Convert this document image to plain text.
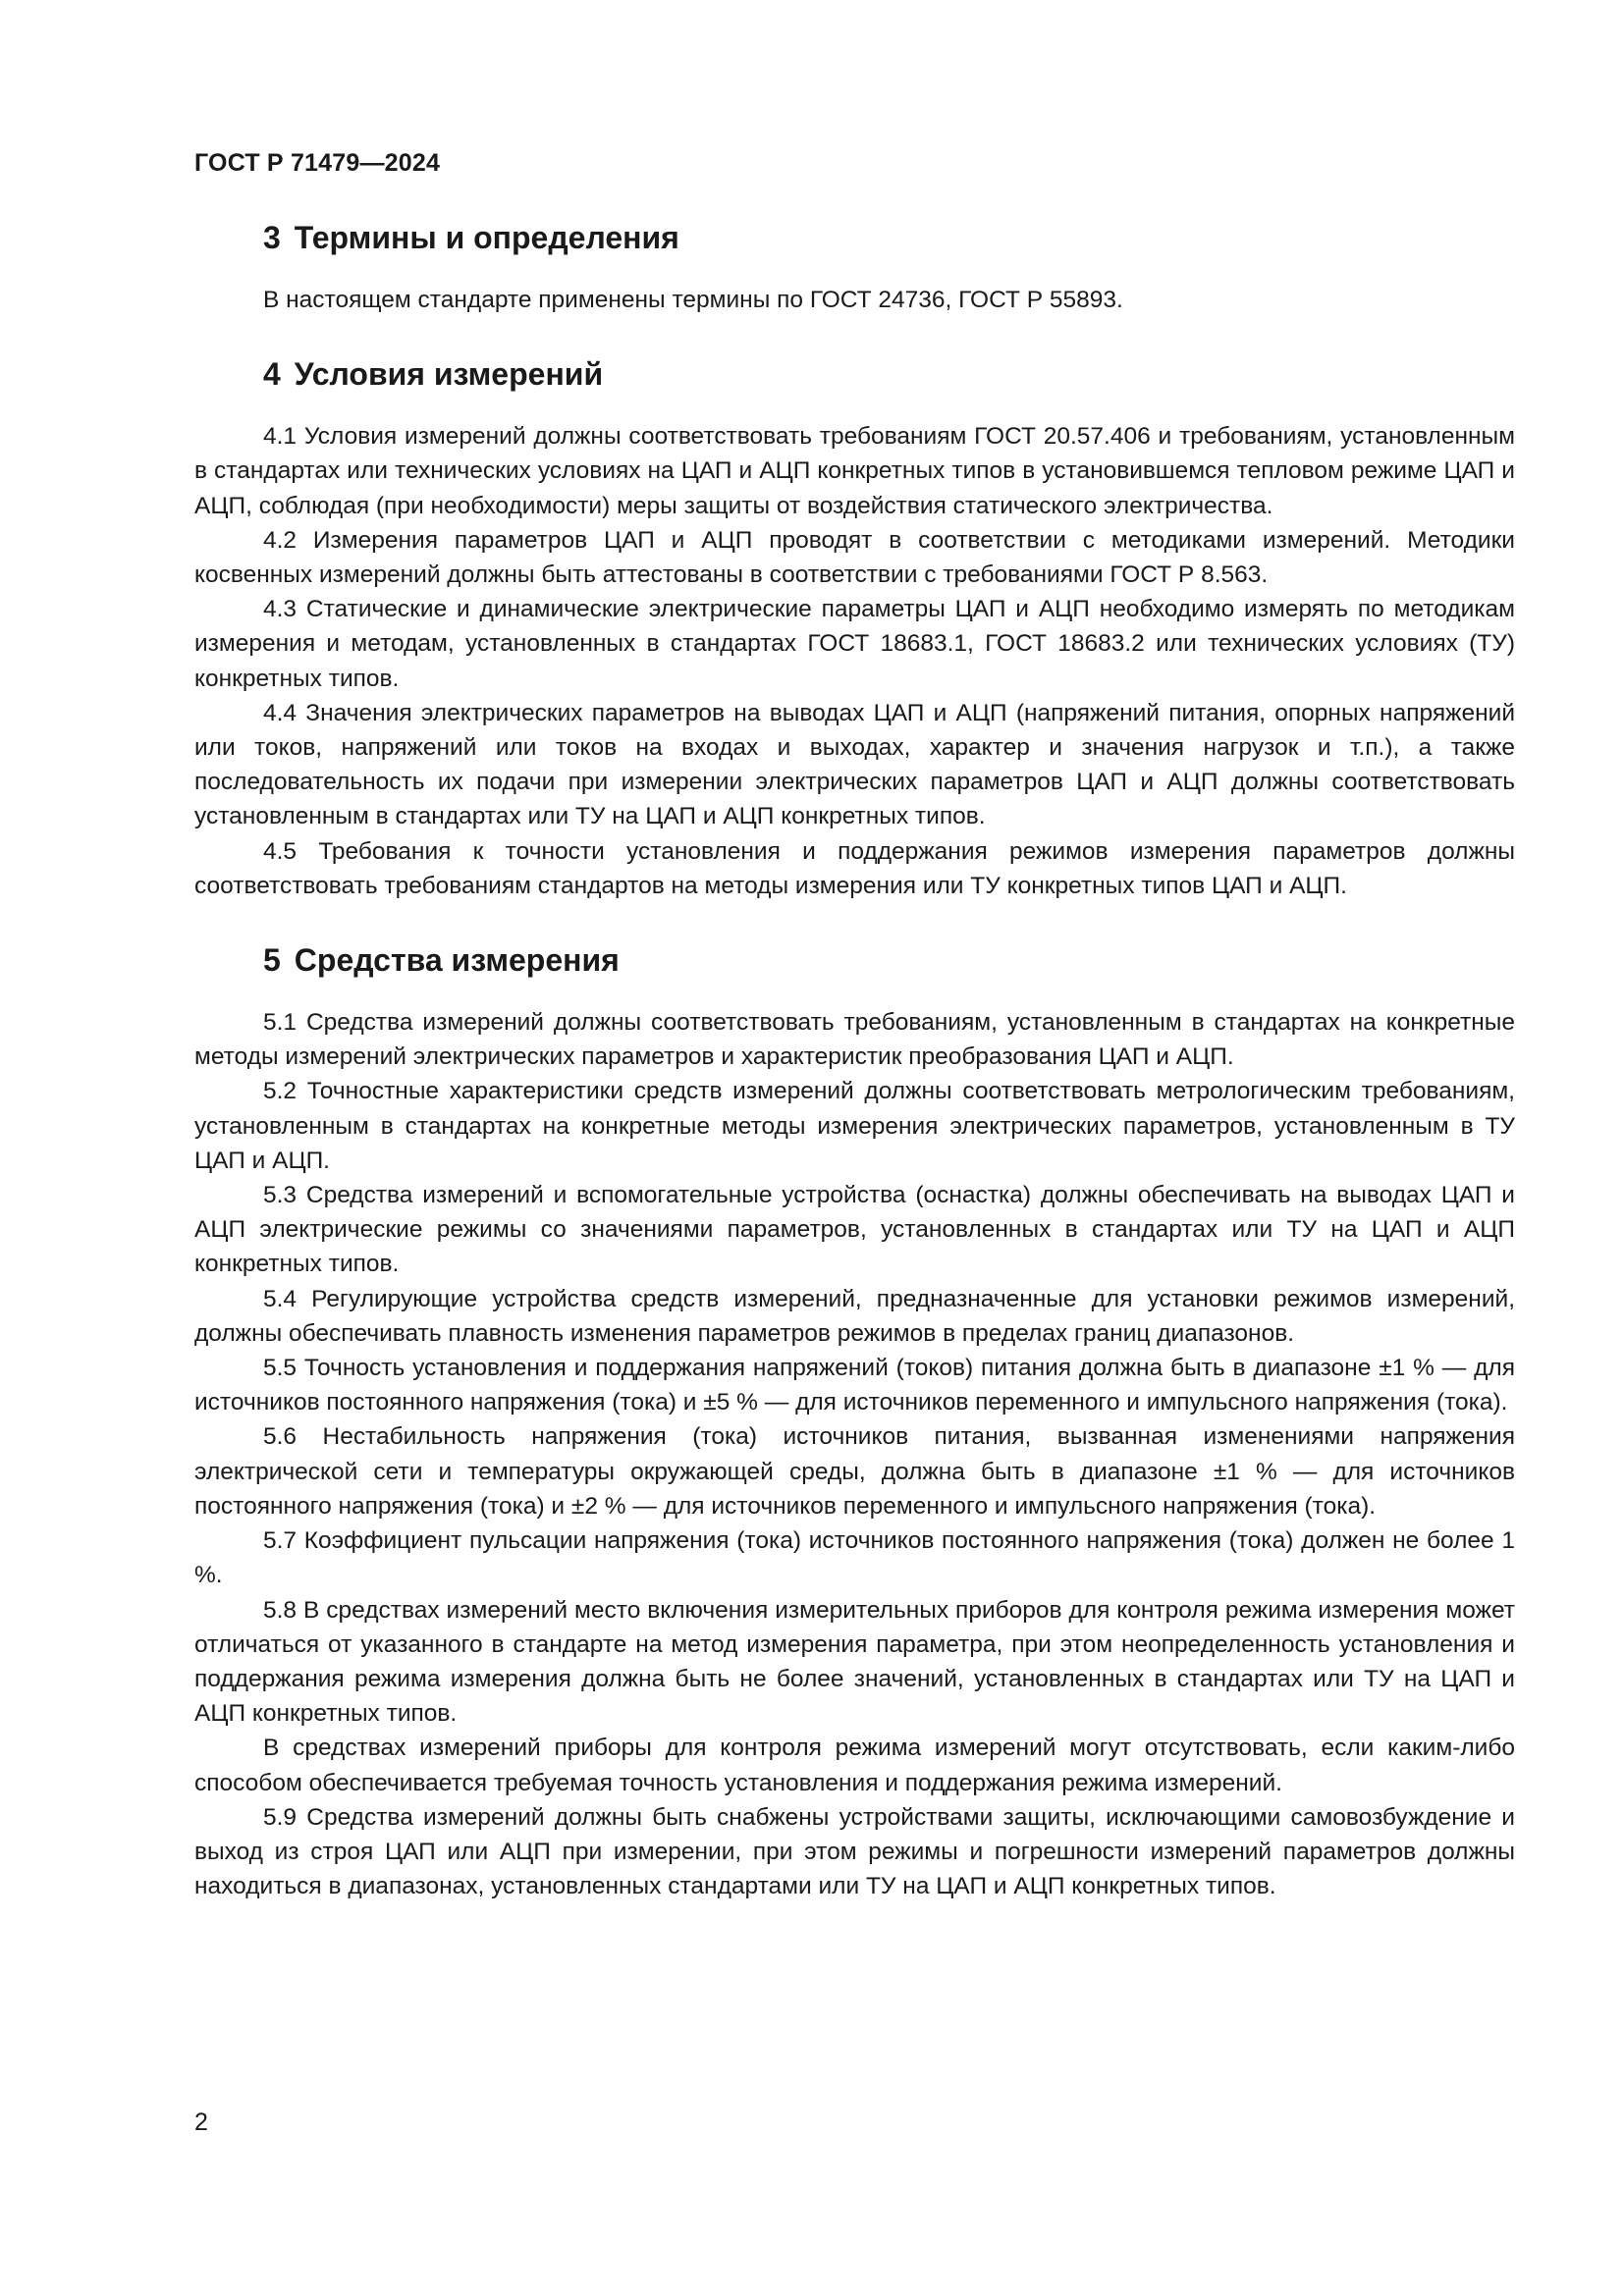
ГОСТ Р 71479—2024
3 Термины и определения

В настоящем стандарте применены термины по ГОСТ 24736, ГОСТ Р 55893.

4 Условия измерений

4.1 Условия измерений должны соответствовать требованиям ГОСТ 20.57.406 и требованиям, установленным в стандартах или технических условиях на ЦАП и АЦП конкретных типов в установившемся тепловом режиме ЦАП и АЦП, соблюдая (при необходимости) меры защиты от воздействия статического электричества.

4.2 Измерения параметров ЦАП и АЦП проводят в соответствии с методиками измерений. Методики косвенных измерений должны быть аттестованы в соответствии с требованиями ГОСТ Р 8.563.

4.3 Статические и динамические электрические параметры ЦАП и АЦП необходимо измерять по методикам измерения и методам, установленных в стандартах ГОСТ 18683.1, ГОСТ 18683.2 или технических условиях (ТУ) конкретных типов.

4.4 Значения электрических параметров на выводах ЦАП и АЦП (напряжений питания, опорных напряжений или токов, напряжений или токов на входах и выходах, характер и значения нагрузок и т.п.), а также последовательность их подачи при измерении электрических параметров ЦАП и АЦП должны соответствовать установленным в стандартах или ТУ на ЦАП и АЦП конкретных типов.

4.5 Требования к точности установления и поддержания режимов измерения параметров должны соответствовать требованиям стандартов на методы измерения или ТУ конкретных типов ЦАП и АЦП.

5 Средства измерения

5.1 Средства измерений должны соответствовать требованиям, установленным в стандартах на конкретные методы измерений электрических параметров и характеристик преобразования ЦАП и АЦП.

5.2 Точностные характеристики средств измерений должны соответствовать метрологическим требованиям, установленным в стандартах на конкретные методы измерения электрических параметров, установленным в ТУ ЦАП и АЦП.

5.3 Средства измерений и вспомогательные устройства (оснастка) должны обеспечивать на выводах ЦАП и АЦП электрические режимы со значениями параметров, установленных в стандартах или ТУ на ЦАП и АЦП конкретных типов.

5.4 Регулирующие устройства средств измерений, предназначенные для установки режимов измерений, должны обеспечивать плавность изменения параметров режимов в пределах границ диапазонов.

5.5 Точность установления и поддержания напряжений (токов) питания должна быть в диапазоне ±1 % — для источников постоянного напряжения (тока) и ±5 % — для источников переменного и импульсного напряжения (тока).

5.6 Нестабильность напряжения (тока) источников питания, вызванная изменениями напряжения электрической сети и температуры окружающей среды, должна быть в диапазоне ±1 % — для источников постоянного напряжения (тока) и ±2 % — для источников переменного и импульсного напряжения (тока).

5.7 Коэффициент пульсации напряжения (тока) источников постоянного напряжения (тока) должен не более 1 %.

5.8 В средствах измерений место включения измерительных приборов для контроля режима измерения может отличаться от указанного в стандарте на метод измерения параметра, при этом неопределенность установления и поддержания режима измерения должна быть не более значений, установленных в стандартах или ТУ на ЦАП и АЦП конкретных типов.

В средствах измерений приборы для контроля режима измерений могут отсутствовать, если каким-либо способом обеспечивается требуемая точность установления и поддержания режима измерений.

5.9 Средства измерений должны быть снабжены устройствами защиты, исключающими самовозбуждение и выход из строя ЦАП или АЦП при измерении, при этом режимы и погрешности измерений параметров должны находиться в диапазонах, установленных стандартами или ТУ на ЦАП и АЦП конкретных типов.

2
